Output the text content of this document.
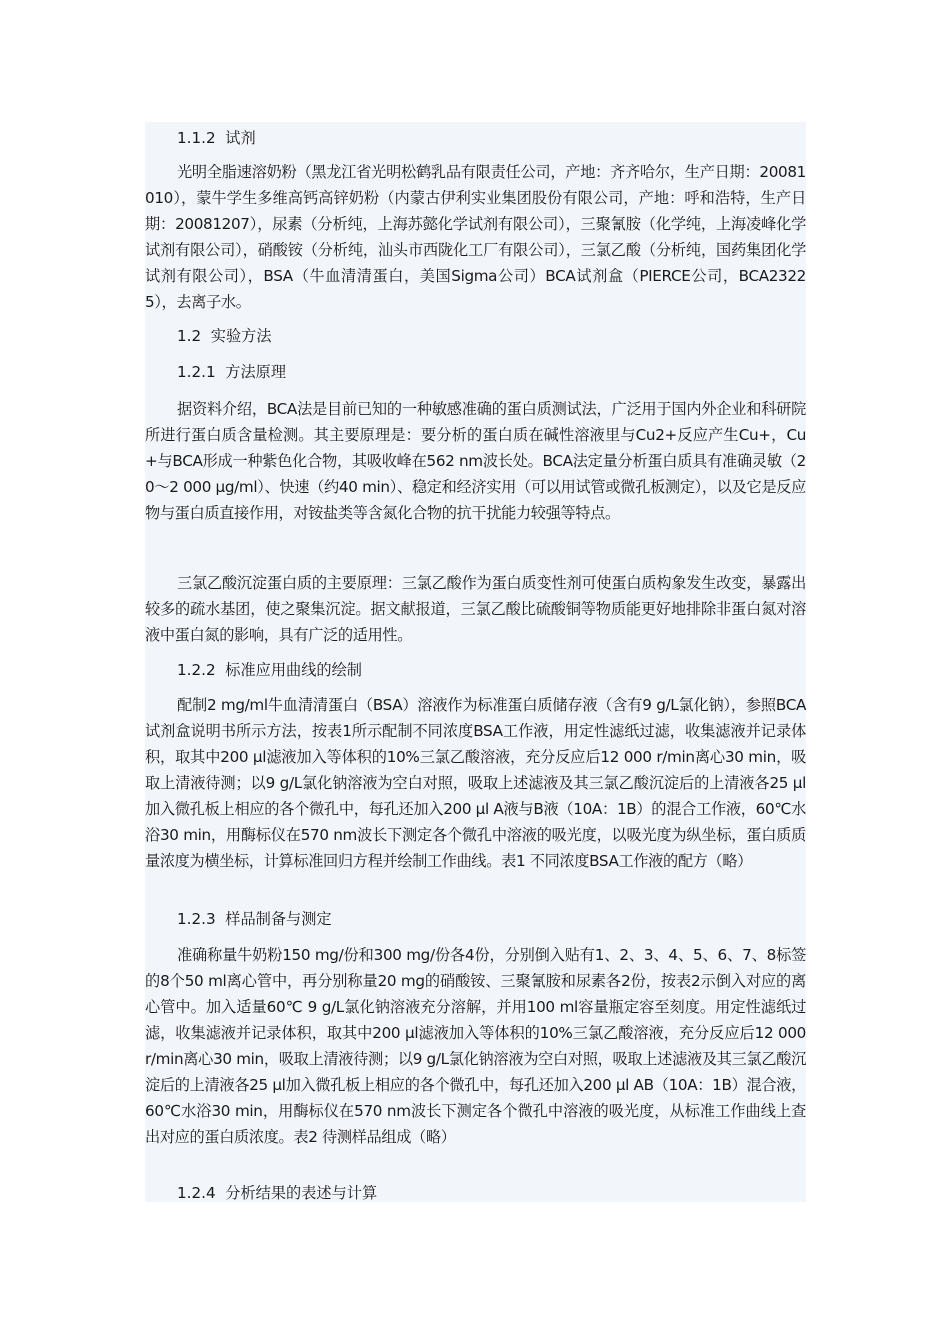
1.1.2  试剂

光明全脂速溶奶粉（黑龙江省光明松鹤乳品有限责任公司，产地：齐齐哈尔，生产日期：20081010），蒙牛学生多维高钙高锌奶粉（内蒙古伊利实业集团股份有限公司，产地：呼和浩特，生产日期：20081207），尿素（分析纯，上海苏懿化学试剂有限公司），三聚氰胺（化学纯，上海凌峰化学试剂有限公司），硝酸铵（分析纯，汕头市西陇化工厂有限公司），三氯乙酸（分析纯，国药集团化学试剂有限公司），BSA（牛血清清蛋白，美国Sigma公司）BCA试剂盒（PIERCE公司，BCA23225），去离子水。

1.2  实验方法

1.2.1  方法原理

据资料介绍，BCA法是目前已知的一种敏感准确的蛋白质测试法，广泛用于国内外企业和科研院所进行蛋白质含量检测。其主要原理是：要分析的蛋白质在碱性溶液里与Cu2+反应产生Cu+，Cu+与BCA形成一种紫色化合物，其吸收峰在562 nm波长处。BCA法定量分析蛋白质具有准确灵敏（20～2 000 μg/ml）、快速（约40 min）、稳定和经济实用（可以用试管或微孔板测定），以及它是反应物与蛋白质直接作用，对铵盐类等含氮化合物的抗干扰能力较强等特点。

三氯乙酸沉淀蛋白质的主要原理：三氯乙酸作为蛋白质变性剂可使蛋白质构象发生改变，暴露出较多的疏水基团，使之聚集沉淀。据文献报道，三氯乙酸比硫酸铜等物质能更好地排除非蛋白氮对溶液中蛋白氮的影响，具有广泛的适用性。

1.2.2  标准应用曲线的绘制

配制2 mg/ml牛血清清蛋白（BSA）溶液作为标准蛋白质储存液（含有9 g/L氯化钠），参照BCA试剂盒说明书所示方法，按表1所示配制不同浓度BSA工作液，用定性滤纸过滤，收集滤液并记录体积，取其中200 μl滤液加入等体积的10%三氯乙酸溶液，充分反应后12 000 r/min离心30 min，吸取上清液待测；以9 g/L氯化钠溶液为空白对照，吸取上述滤液及其三氯乙酸沉淀后的上清液各25 μl加入微孔板上相应的各个微孔中，每孔还加入200 μl A液与B液（10A：1B）的混合工作液，60℃水浴30 min，用酶标仪在570 nm波长下测定各个微孔中溶液的吸光度，以吸光度为纵坐标，蛋白质质量浓度为横坐标，计算标准回归方程并绘制工作曲线。表1 不同浓度BSA工作液的配方（略）

1.2.3  样品制备与测定

准确称量牛奶粉150 mg/份和300 mg/份各4份，分别倒入贴有1、2、3、4、5、6、7、8标签的8个50 ml离心管中，再分别称量20 mg的硝酸铵、三聚氰胺和尿素各2份，按表2示倒入对应的离心管中。加入适量60℃ 9 g/L氯化钠溶液充分溶解，并用100 ml容量瓶定容至刻度。用定性滤纸过滤，收集滤液并记录体积，取其中200 μl滤液加入等体积的10%三氯乙酸溶液，充分反应后12 000 r/min离心30 min，吸取上清液待测；以9 g/L氯化钠溶液为空白对照，吸取上述滤液及其三氯乙酸沉淀后的上清液各25 μl加入微孔板上相应的各个微孔中，每孔还加入200 μl AB（10A：1B）混合液，60℃水浴30 min，用酶标仪在570 nm波长下测定各个微孔中溶液的吸光度，从标准工作曲线上查出对应的蛋白质浓度。表2 待测样品组成（略）

1.2.4  分析结果的表述与计算
